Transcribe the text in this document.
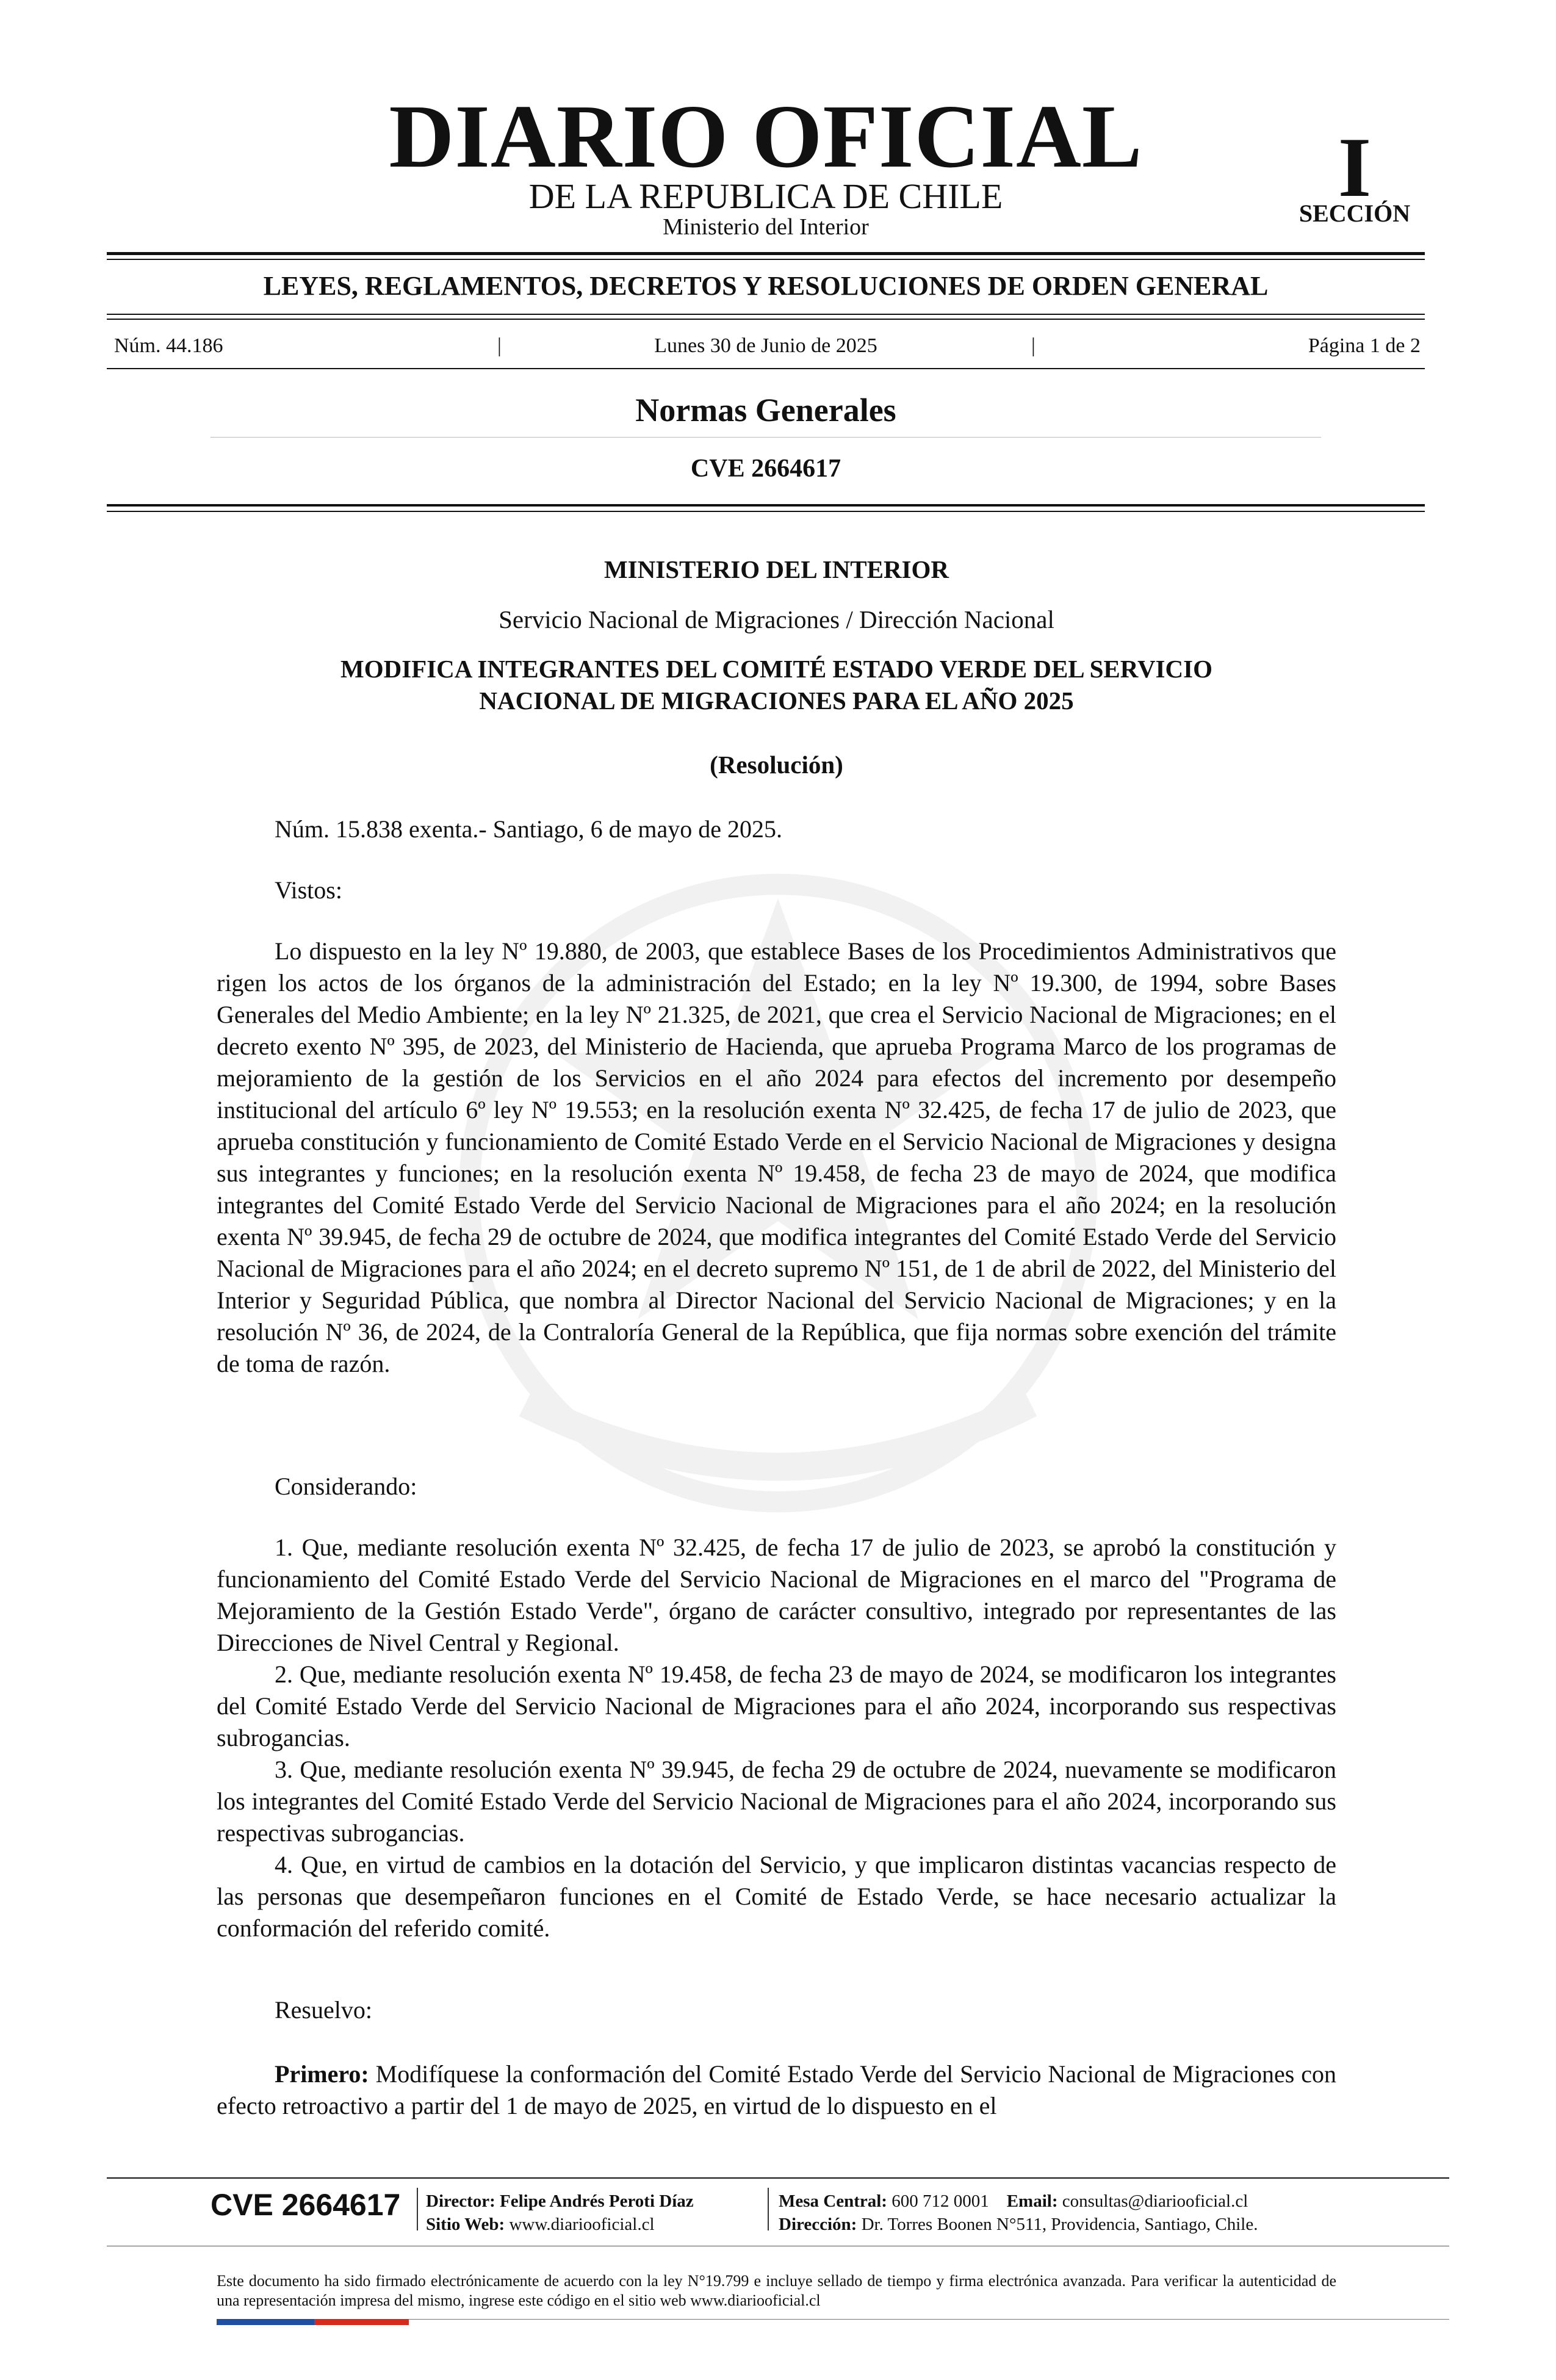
DIARIO OFICIAL
DE LA REPUBLICA DE CHILE
Ministerio del Interior
I
SECCIÓN
LEYES, REGLAMENTOS, DECRETOS Y RESOLUCIONES DE ORDEN GENERAL
Núm. 44.186	|	Lunes 30 de Junio de 2025	|	Página 1 de 2
Normas Generales
CVE 2664617
MINISTERIO DEL INTERIOR
Servicio Nacional de Migraciones / Dirección Nacional
MODIFICA INTEGRANTES DEL COMITÉ ESTADO VERDE DEL SERVICIO
NACIONAL DE MIGRACIONES PARA EL AÑO 2025
(Resolución)
Núm. 15.838 exenta.- Santiago, 6 de mayo de 2025.
Vistos:

Lo dispuesto en la ley Nº 19.880, de 2003, que establece Bases de los Procedimientos Administrativos que rigen los actos de los órganos de la administración del Estado; en la ley Nº 19.300, de 1994, sobre Bases Generales del Medio Ambiente; en la ley Nº 21.325, de 2021, que crea el Servicio Nacional de Migraciones; en el decreto exento Nº 395, de 2023, del Ministerio de Hacienda, que aprueba Programa Marco de los programas de mejoramiento de la gestión de los Servicios en el año 2024 para efectos del incremento por desempeño institucional del artículo 6º ley Nº 19.553; en la resolución exenta Nº 32.425, de fecha 17 de julio de 2023, que aprueba constitución y funcionamiento de Comité Estado Verde en el Servicio Nacional de Migraciones y designa sus integrantes y funciones; en la resolución exenta Nº 19.458, de fecha 23 de mayo de 2024, que modifica integrantes del Comité Estado Verde del Servicio Nacional de Migraciones para el año 2024; en la resolución exenta Nº 39.945, de fecha 29 de octubre de 2024, que modifica integrantes del Comité Estado Verde del Servicio Nacional de Migraciones para el año 2024; en el decreto supremo Nº 151, de 1 de abril de 2022, del Ministerio del Interior y Seguridad Pública, que nombra al Director Nacional del Servicio Nacional de Migraciones; y en la resolución Nº 36, de 2024, de la Contraloría General de la República, que fija normas sobre exención del trámite de toma de razón.

Considerando:

1. Que, mediante resolución exenta Nº 32.425, de fecha 17 de julio de 2023, se aprobó la constitución y funcionamiento del Comité Estado Verde del Servicio Nacional de Migraciones en el marco del "Programa de Mejoramiento de la Gestión Estado Verde", órgano de carácter consultivo, integrado por representantes de las Direcciones de Nivel Central y Regional.

2. Que, mediante resolución exenta Nº 19.458, de fecha 23 de mayo de 2024, se modificaron los integrantes del Comité Estado Verde del Servicio Nacional de Migraciones para el año 2024, incorporando sus respectivas subrogancias.

3. Que, mediante resolución exenta Nº 39.945, de fecha 29 de octubre de 2024, nuevamente se modificaron los integrantes del Comité Estado Verde del Servicio Nacional de Migraciones para el año 2024, incorporando sus respectivas subrogancias.

4. Que, en virtud de cambios en la dotación del Servicio, y que implicaron distintas vacancias respecto de las personas que desempeñaron funciones en el Comité de Estado Verde, se hace necesario actualizar la conformación del referido comité.

Resuelvo:

Primero: Modifíquese la conformación del Comité Estado Verde del Servicio Nacional de Migraciones con efecto retroactivo a partir del 1 de mayo de 2025, en virtud de lo dispuesto en el

CVE 2664617 Director: Felipe Andrés Peroti Díaz
Sitio Web: www.diariooficial.cl
Mesa Central: 600 712 0001 Email: consultas@diariooficial.cl
Dirección: Dr. Torres Boonen N°511, Providencia, Santiago, Chile.

Este documento ha sido firmado electrónicamente de acuerdo con la ley N°19.799 e incluye sellado de tiempo y firma electrónica avanzada. Para verificar la autenticidad de una representación impresa del mismo, ingrese este código en el sitio web www.diariooficial.cl
